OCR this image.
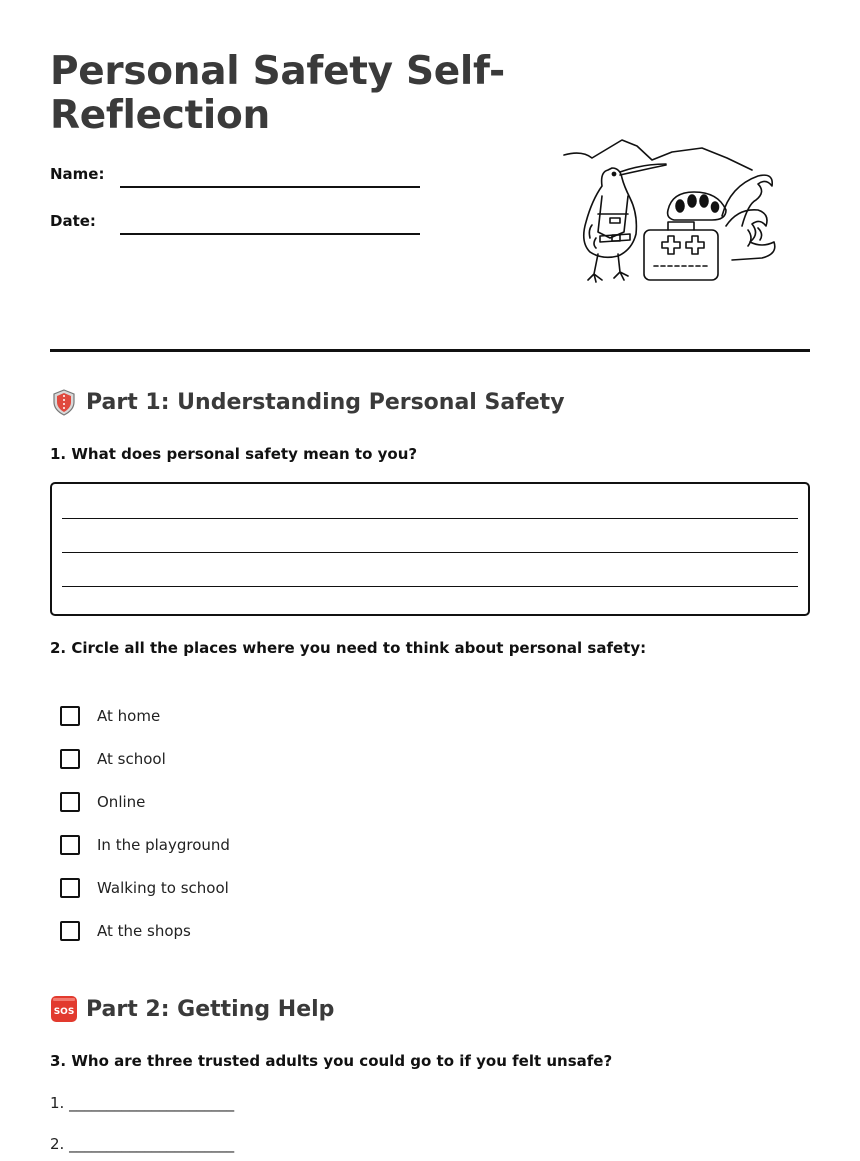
Personal Safety Self-Reflection
Name:
Date:
Part 1: Understanding Personal Safety
1. What does personal safety mean to you?
2. Circle all the places where you need to think about personal safety:
At home
At school
Online
In the playground
Walking to school
At the shops
SOS Part 2: Getting Help
3. Who are three trusted adults you could go to if you felt unsafe?
1. ______________________
2. ______________________
